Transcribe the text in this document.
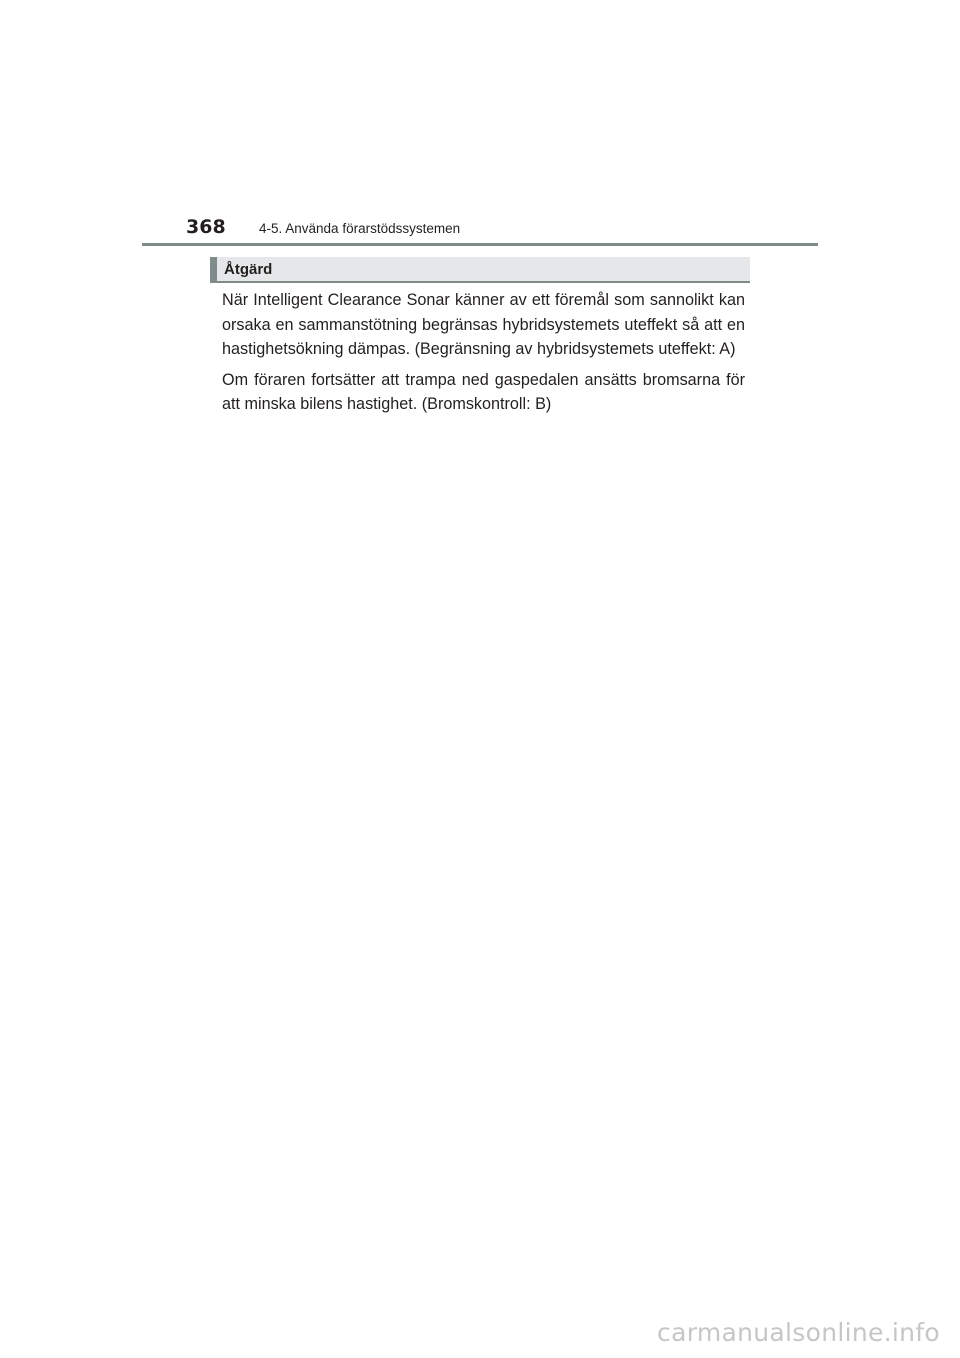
368 4-5. Använda förarstödssystemen
Åtgärd

När Intelligent Clearance Sonar känner av ett föremål som sannolikt kan orsaka en sammanstötning begränsas hybridsystemets uteffekt så att en hastighetsökning dämpas. (Begränsning av hybridsystemets uteffekt: A)

Om föraren fortsätter att trampa ned gaspedalen ansätts bromsarna för att minska bilens hastighet. (Bromskontroll: B)

carmanualsonline.info
